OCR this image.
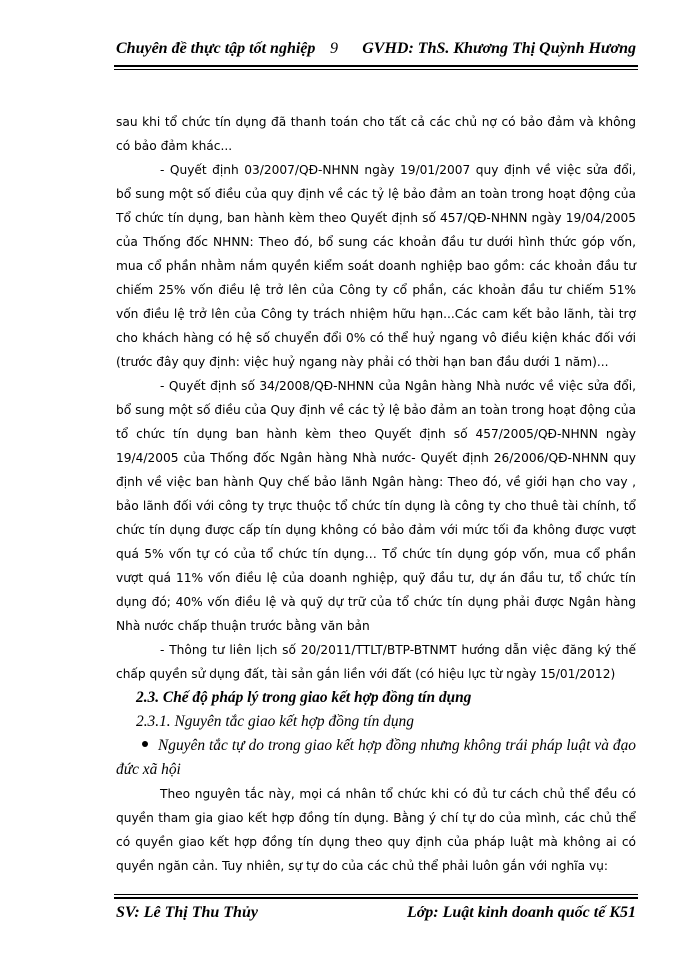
Chuyên đề thực tập tốt nghiệp 9 GVHD: ThS. Khương Thị Quỳnh Hương

sau khi tổ chức tín dụng đã thanh toán cho tất cả các chủ nợ có bảo đảm và không có bảo đảm khác...

- Quyết định 03/2007/QĐ-NHNN ngày 19/01/2007 quy định về việc sửa đổi, bổ sung một số điều của quy định về các tỷ lệ bảo đảm an toàn trong hoạt động của Tổ chức tín dụng, ban hành kèm theo Quyết định số 457/QĐ-NHNN ngày 19/04/2005 của Thống đốc NHNN: Theo đó, bổ sung các khoản đầu tư dưới hình thức góp vốn, mua cổ phần nhằm nắm quyền kiểm soát doanh nghiệp bao gồm: các khoản đầu tư chiếm 25% vốn điều lệ trở lên của Công ty cổ phần, các khoản đầu tư chiếm 51% vốn điều lệ trở lên của Công ty trách nhiệm hữu hạn...Các cam kết bảo lãnh, tài trợ cho khách hàng có hệ số chuyển đổi 0% có thể huỷ ngang vô điều kiện khác đối với (trước đây quy định: việc huỷ ngang này phải có thời hạn ban đầu dưới 1 năm)...

- Quyết định số 34/2008/QĐ-NHNN của Ngân hàng Nhà nước về việc sửa đổi, bổ sung một số điều của Quy định về các tỷ lệ bảo đảm an toàn trong hoạt động của tổ chức tín dụng ban hành kèm theo Quyết định số 457/2005/QĐ-NHNN ngày 19/4/2005 của Thống đốc Ngân hàng Nhà nước- Quyết định 26/2006/QĐ-NHNN quy định về việc ban hành Quy chế bảo lãnh Ngân hàng: Theo đó, về giới hạn cho vay , bảo lãnh đối với công ty trực thuộc tổ chức tín dụng là công ty cho thuê tài chính, tổ chức tín dụng được cấp tín dụng không có bảo đảm với mức tối đa không được vượt quá 5% vốn tự có của tổ chức tín dụng… Tổ chức tín dụng góp vốn, mua cổ phần vượt quá 11% vốn điều lệ của doanh nghiệp, quỹ đầu tư, dự án đầu tư, tổ chức tín dụng đó; 40% vốn điều lệ và quỹ dự trữ của tổ chức tín dụng phải được Ngân hàng Nhà nước chấp thuận trước bằng văn bản

- Thông tư liên lịch số 20/2011/TTLT/BTP-BTNMT hướng dẫn việc đăng ký thế chấp quyền sử dụng đất, tài sản gắn liền với đất (có hiệu lực từ ngày 15/01/2012)

2.3. Chế độ pháp lý trong giao kết hợp đồng tín dụng

2.3.1. Nguyên tắc giao kết hợp đồng tín dụng

Nguyên tắc tự do trong giao kết hợp đồng nhưng không trái pháp luật và đạo đức xã hội

Theo nguyên tắc này, mọi cá nhân tổ chức khi có đủ tư cách chủ thể đều có quyền tham gia giao kết hợp đồng tín dụng. Bằng ý chí tự do của mình, các chủ thể có quyền giao kết hợp đồng tín dụng theo quy định của pháp luật mà không ai có quyền ngăn cản. Tuy nhiên, sự tự do của các chủ thể phải luôn gắn với nghĩa vụ:

SV: Lê Thị Thu Thủy	Lớp: Luật kinh doanh quốc tế K51
